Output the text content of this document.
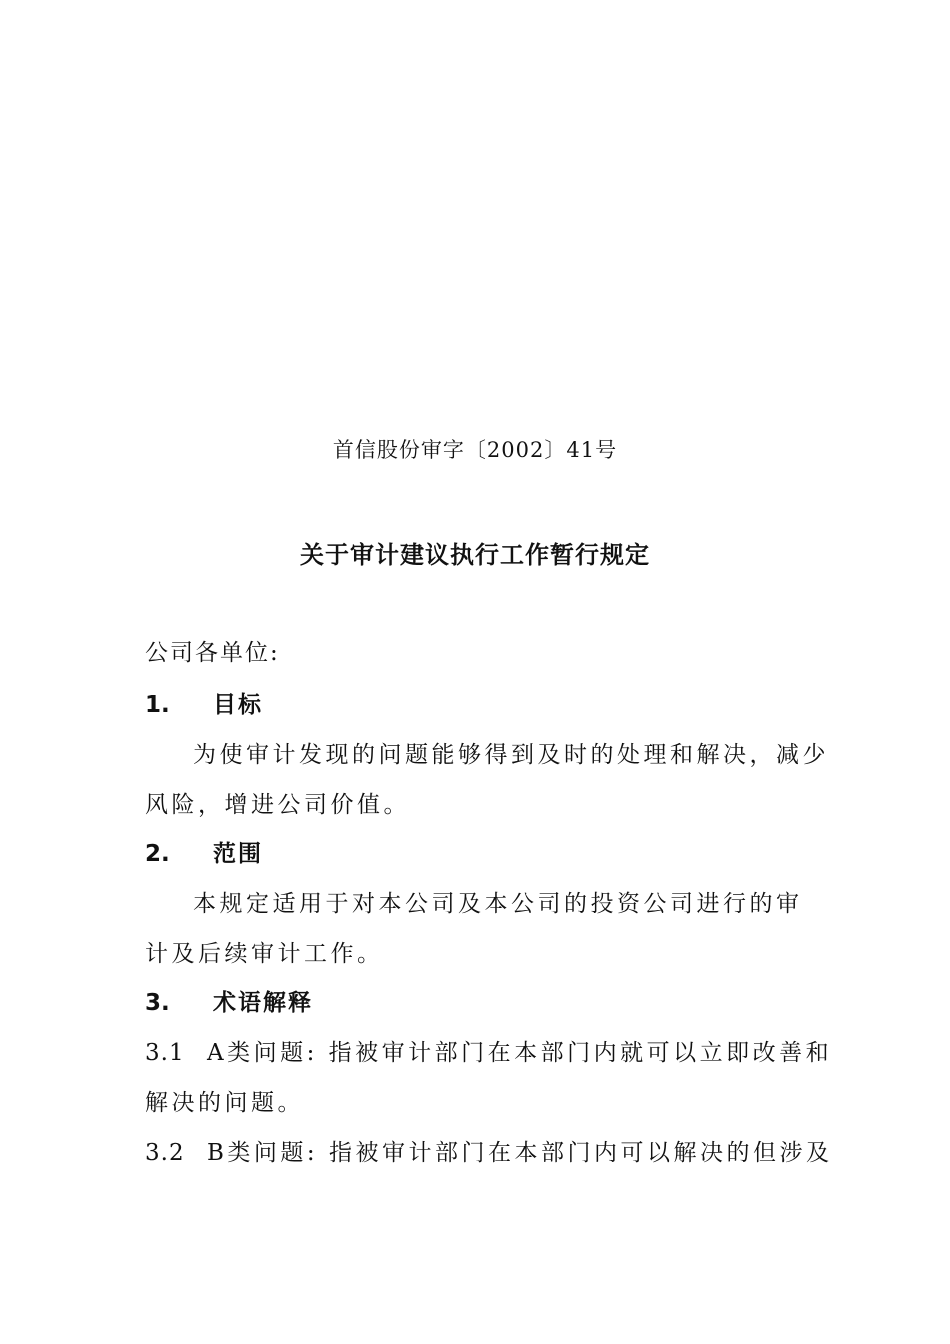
首信股份审字〔2002〕41号
关于审计建议执行工作暂行规定
公司各单位:
1. 目标
为使审计发现的问题能够得到及时的处理和解决，减少
风险，增进公司价值。
2. 范围
本规定适用于对本公司及本公司的投资公司进行的审
计及后续审计工作。
3. 术语解释
3.1 A类问题: 指被审计部门在本部门内就可以立即改善和
解决的问题。
3.2 B类问题: 指被审计部门在本部门内可以解决的但涉及
